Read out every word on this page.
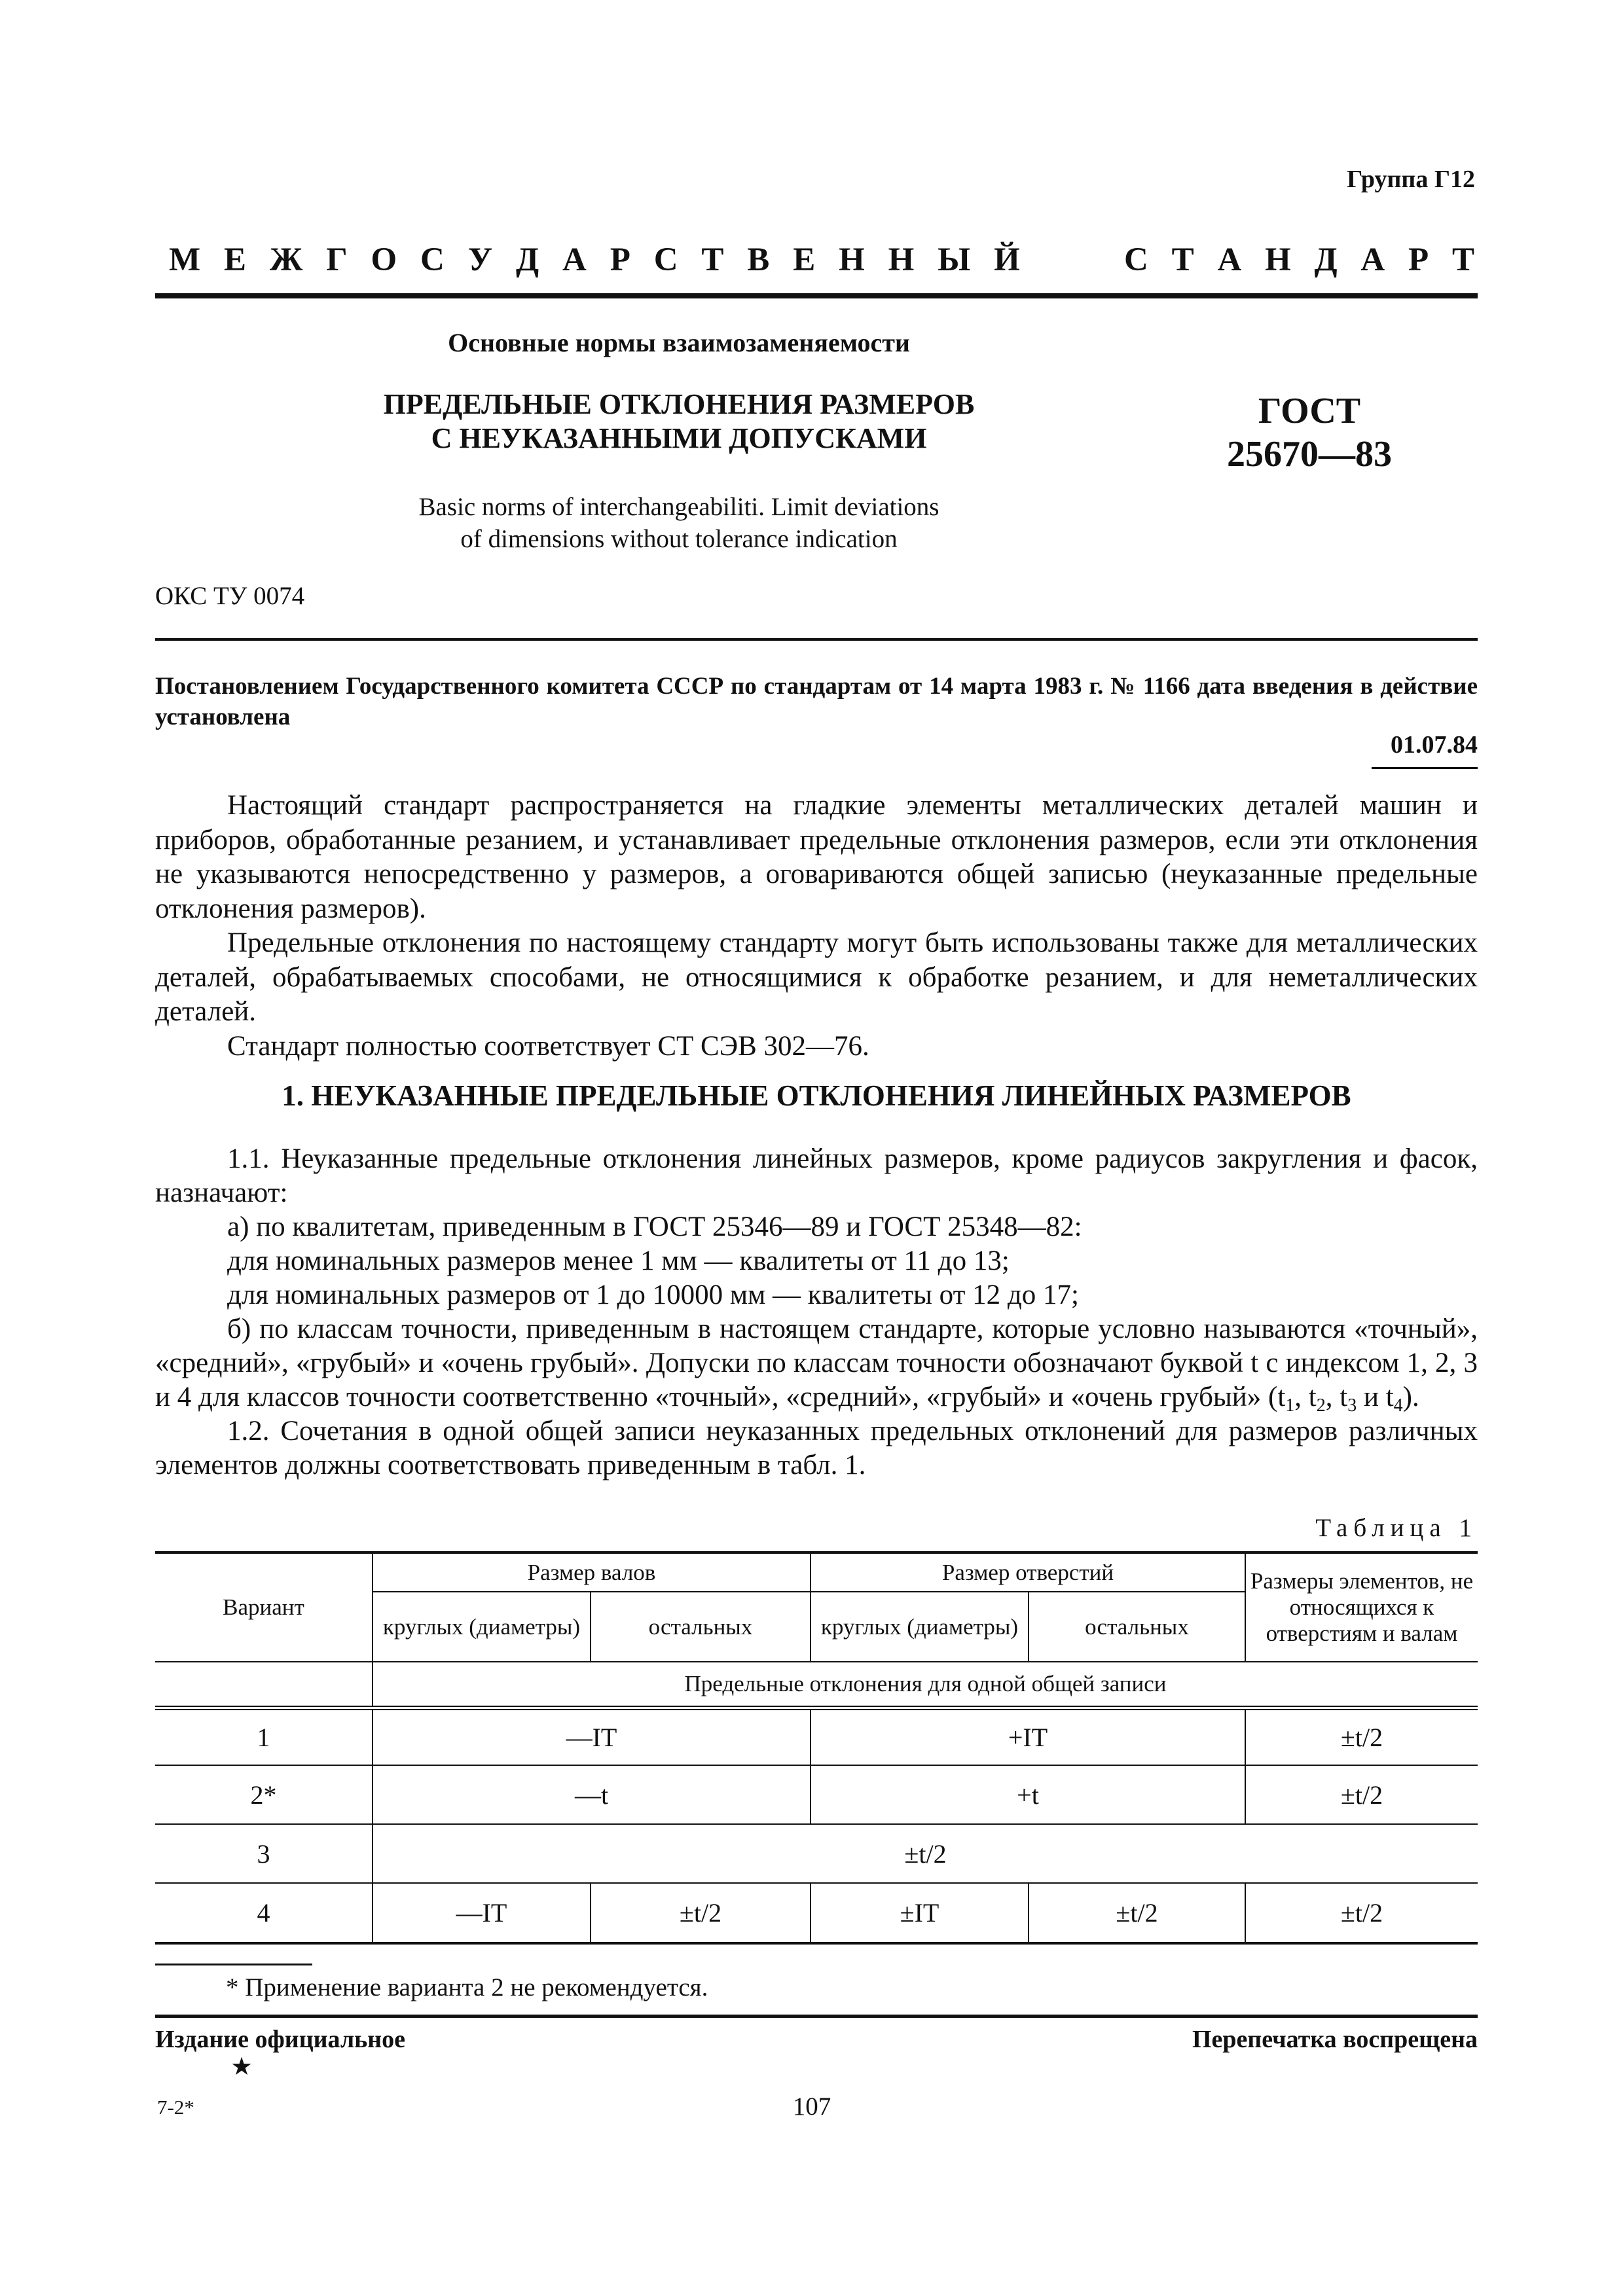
Группа Г12
М Е Ж Г О С У Д А Р С Т В Е Н Н Ы Й	С Т А Н Д А Р Т
Основные нормы взаимозаменяемости
ПРЕДЕЛЬНЫЕ ОТКЛОНЕНИЯ РАЗМЕРОВ
С НЕУКАЗАННЫМИ ДОПУСКАМИ
ГОСТ
25670—83
Basic norms of interchangeabiliti. Limit deviations
of dimensions without tolerance indication
ОКС ТУ 0074
Постановлением Государственного комитета СССР по стандартам от 14 марта 1983 г. № 1166 дата введения в действие установлена
01.07.84

Настоящий стандарт распространяется на гладкие элементы металлических деталей машин и приборов, обработанные резанием, и устанавливает предельные отклонения размеров, если эти отклонения не указываются непосредственно у размеров, а оговариваются общей записью (неуказанные предельные отклонения размеров).

Предельные отклонения по настоящему стандарту могут быть использованы также для металлических деталей, обрабатываемых способами, не относящимися к обработке резанием, и для неметаллических деталей.

Стандарт полностью соответствует СТ СЭВ 302—76.

1. НЕУКАЗАННЫЕ ПРЕДЕЛЬНЫЕ ОТКЛОНЕНИЯ ЛИНЕЙНЫХ РАЗМЕРОВ

1.1. Неуказанные предельные отклонения линейных размеров, кроме радиусов закругления и фасок, назначают:

а) по квалитетам, приведенным в ГОСТ 25346—89 и ГОСТ 25348—82:

для номинальных размеров менее 1 мм — квалитеты от 11 до 13;

для номинальных размеров от 1 до 10000 мм — квалитеты от 12 до 17;

б) по классам точности, приведенным в настоящем стандарте, которые условно называются «точный», «средний», «грубый» и «очень грубый». Допуски по классам точности обозначают буквой t с индексом 1, 2, 3 и 4 для классов точности соответственно «точный», «средний», «грубый» и «очень грубый» ($t_1$, $t_2$, $t_3$ и $t_4$).

1.2. Сочетания в одной общей записи неуказанных предельных отклонений для размеров различных элементов должны соответствовать приведенным в табл. 1.

Таблица 1
Вариант	Размер валов		Размер отверстий		Размеры элементов, не относящихся к отверстиям и валам
	круглых (диаметры)	остальных	круглых (диаметры)	остальных	
	Предельные отклонения для одной общей записи				
1	—IT		+IT		±t/2
2*	—t		+t		±t/2
3	±t/2				
4	—IT	±t/2	±IT	±t/2	±t/2
* Применение варианта 2 не рекомендуется.
Издание официальное
★
Перепечатка воспрещена
7-2*	107
